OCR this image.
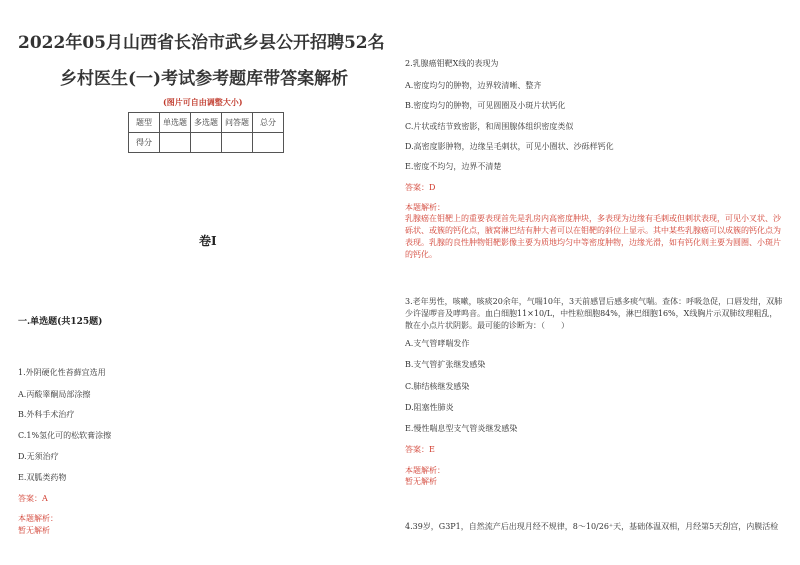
2022年05月山西省长治市武乡县公开招聘52名
乡村医生(一)考试参考题库带答案解析
(图片可自由调整大小)
题型	单选题	多选题	问答题	总分
得分				
卷I
一.单选题(共125题)
1.外阴硬化性苔藓宜选用
A.丙酸睾酮局部涂擦
B.外科手术治疗
C.1%氢化可的松软膏涂擦
D.无须治疗
E.双胍类药物
答案：A
本题解析：
暂无解析
2.乳腺癌钼靶X线的表现为
A.密度均匀的肿物，边界较清晰、整齐
B.密度均匀的肿物，可见圆圈及小斑片状钙化
C.片状或结节致密影，和周围腺体组织密度类似
D.高密度影肿物，边缘呈毛刺状，可见小圈状、沙砾样钙化
E.密度不均匀，边界不清楚
答案：D
本题解析：
乳腺癌在钼靶上的重要表现首先是乳房内高密度肿块，多表现为边缘有毛刺或但刺状表现，可见小叉状、沙砾状、或簇的钙化点，腋窝淋巴结有肿大者可以在钼靶的斜位上显示。其中某些乳腺癌可以成簇的钙化点为表现。乳腺的良性肿物钼靶影像主要为质地均匀中等密度肿物，边缘光滑，如有钙化则主要为圆圈、小斑片的钙化。
3.老年男性，咳嗽，咳痰20余年，气喘10年，3天前感冒后感多痰气喘。查体：呼吸急促，口唇发绀，双肺少许湿啰音及哮鸣音。血白细胞11×10/L，中性粒细胞84%，淋巴细胞16%，X线胸片示双肺纹理粗乱，散在小点片状阴影。最可能的诊断为：（　　）
A.支气管哮喘发作
B.支气管扩张继发感染
C.肺结核继发感染
D.阻塞性肺炎
E.慢性喘息型支气管炎继发感染
答案：E
本题解析：
暂无解析
4.39岁，G3P1，自然流产后出现月经不规律，8～10/26⁺天，基础体温双相，月经第5天刮宫，内膜活检
